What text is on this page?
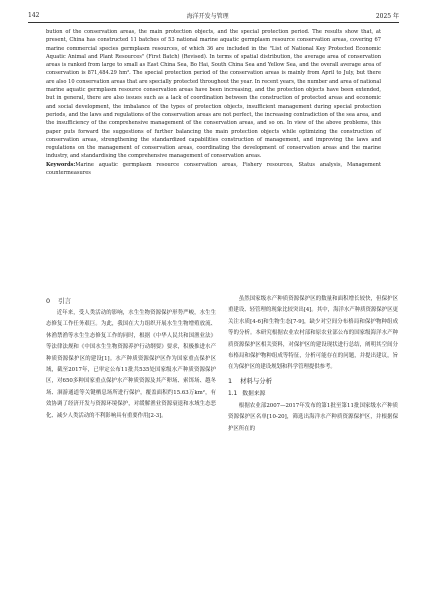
142	海洋开发与管理	2025 年

bution of the conservation areas, the main protection objects, and the special protection period. The results show that, at present, China has constructed 11 batches of 53 national marine aquatic germplasm resource conservation areas, covering 67 marine commercial species germplasm resources, of which 36 are included in the "List of National Key Protected Economic Aquatic Animal and Plant Resources" (First Batch) (Revised). In terms of spatial distribution, the average area of conservation areas is ranked from large to small as East China Sea, Bo Hai, South China Sea and Yellow Sea, and the overall average area of conservation is 871,484.29 hm². The special protection period of the conservation areas is mainly from April to July, but there are also 10 conservation areas that are specially protected throughout the year. In recent years, the number and area of national marine aquatic germplasm resource conservation areas have been increasing, and the protection objects have been extended, but in general, there are also issues such as a lack of coordination between the construction of protected areas and economic and social development, the imbalance of the types of protection objects, insufficient management during special protection periods, and the laws and regulations of the conservation areas are not perfect, the increasing contradiction of the sea area, and the insufficiency of the comprehensive management of the conservation areas, and so on. In view of the above problems, this paper puts forward the suggestions of further balancing the main protection objects while optimizing the construction of conservation areas, strengthening the standardized capabilities construction of management, and improving the laws and regulations on the management of conservation areas, coordinating the development of conservation areas and the marine industry, and standardising the comprehensive management of conservation areas.

Keywords:Marine aquatic germplasm resource conservation areas, Fishery resources, Status analysis, Management countermeasures

0 引言

近年来，受人类活动的影响，水生生物资源保护形势严峻，水生生态修复工作任务艰巨。为此，我国在大力组织开展水生生物增殖放流、休渔禁渔等水生生态修复工作的同时，根据《中华人民共和国渔业法》等法律法规和《中国水生生物资源养护行动纲要》要求，积极推进水产种质资源保护区的建设[1]。水产种质资源保护区作为国家重点保护区域，截至2017年，已审定公布11批共535处国家级水产种质资源保护区，对650多种国家重点保护水产种质资源及其产卵场、索饵场、越冬场、洄游通道等关键栖息场所进行保护，覆盖面积约15.63万km²，有效协调了经济开发与资源环境保护，对缓解渔业资源衰退和水域生态恶化、减少人类活动的不利影响具有重要作用[2-3]。

虽然国家级水产种质资源保护区的数量和面积增长较快，但保护区重建设、轻管理的现象比较突出[4]。其中，海洋水产种质资源保护区更关注水质[4-6]和生物生态[7-9]，缺少对空间分布格局和保护物种组成等的分析。本研究根据农业农村部和原农业部公布的国家级海洋水产种质资源保护区相关资料，对保护区的建设现状进行总结，阐明其空间分布格局和保护物种组成等特征，分析可能存在的问题，并提出建议，旨在为保护区的建设规划和科学管理提供参考。

1 材料与分析
1.1 数据来源

根据农业部2007—2017年发布的第1批至第11批国家级水产种质资源保护区名单[10-20]，筛选出海洋水产种质资源保护区，并根据保护区所在的
